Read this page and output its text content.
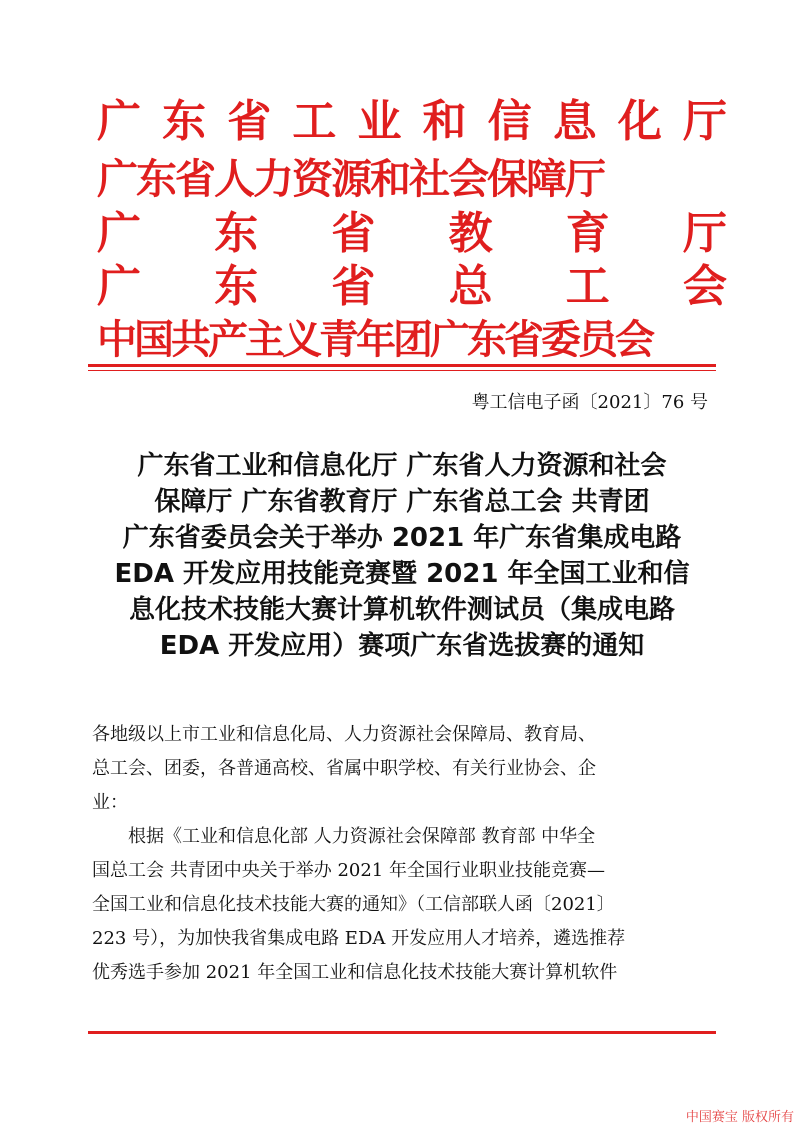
广 东 省 工 业 和 信 息 化 厅
广东省人力资源和社会保障厅
广 东 省 教 育 厅
广 东 省 总 工 会
中国共产主义青年团广东省委员会
粤工信电子函〔2021〕76 号
广东省工业和信息化厅 广东省人力资源和社会
保障厅 广东省教育厅 广东省总工会 共青团
广东省委员会关于举办 2021 年广东省集成电路
EDA 开发应用技能竞赛暨 2021 年全国工业和信
息化技术技能大赛计算机软件测试员（集成电路
EDA 开发应用）赛项广东省选拔赛的通知
各地级以上市工业和信息化局、人力资源社会保障局、教育局、
总工会、团委，各普通高校、省属中职学校、有关行业协会、企
业：
　　根据《工业和信息化部 人力资源社会保障部 教育部 中华全
国总工会 共青团中央关于举办 2021 年全国行业职业技能竞赛—
全国工业和信息化技术技能大赛的通知》（工信部联人函〔2021〕
223 号），为加快我省集成电路 EDA 开发应用人才培养，遴选推荐
优秀选手参加 2021 年全国工业和信息化技术技能大赛计算机软件
中国赛宝 版权所有
